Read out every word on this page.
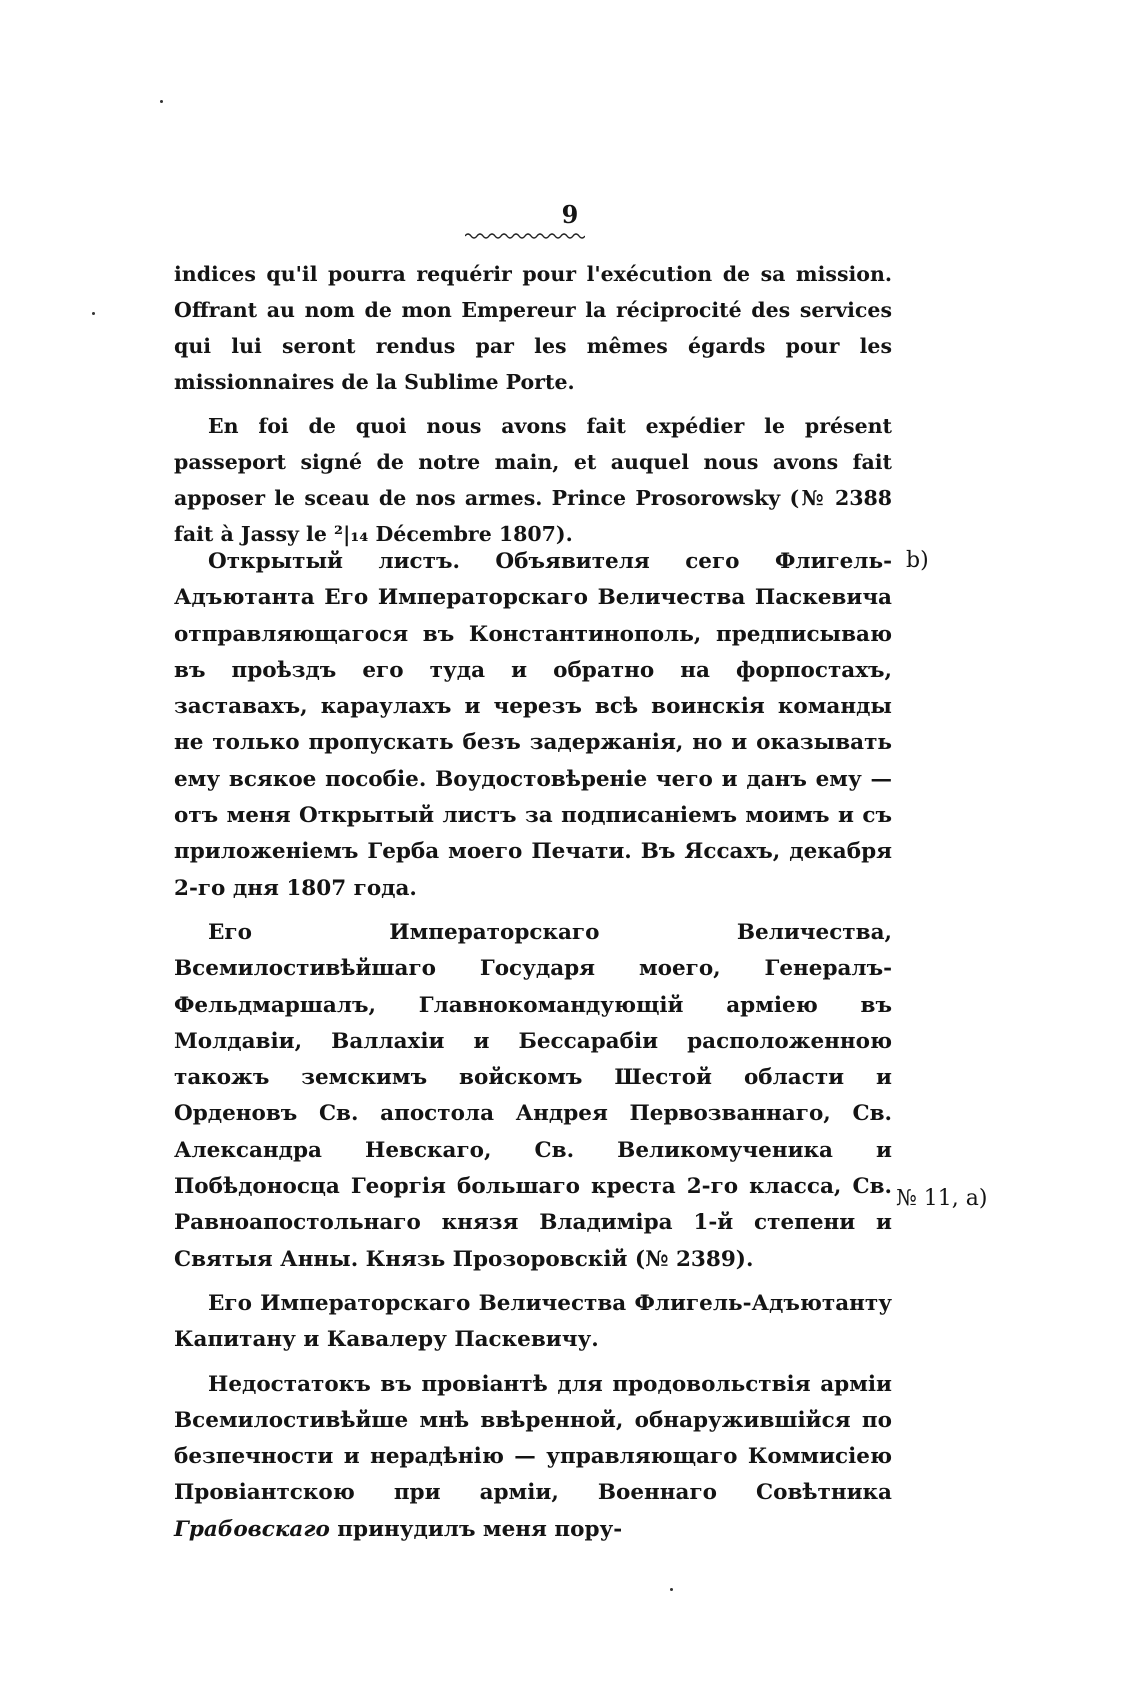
9

indices qu'il pourra requérir pour l'exécution de sa mission. Offrant au nom de mon Empereur la réciprocité des services qui lui seront rendus par les mêmes égards pour les missionnaires de la Sublime Porte.

En foi de quoi nous avons fait expédier le présent passeport signé de notre main, et auquel nous avons fait apposer le sceau de nos armes. Prince Prosorowsky (№ 2388 fait à Jassy le ²|₁₄ Décembre 1807).

b)

Открытый листъ. Объявителя сего Флигель-Адъютанта Его Императорскаго Величества Паскевича отправляющагося въ Константинополь, предписываю въ проѣздъ его туда и обратно на форпостахъ, заставахъ, караулахъ и черезъ всѣ воинскія команды не только пропускать безъ задержанія, но и оказывать ему всякое пособіе. Воудостовѣреніе чего и данъ ему — отъ меня Открытый листъ за подписаніемъ моимъ и съ приложеніемъ Герба моего Печати. Въ Яссахъ, декабря 2-го дня 1807 года.

Его Императорскаго Величества, Всемилостивѣйшаго Государя моего, Генералъ-Фельдмаршалъ, Главнокомандующій арміею въ Молдавіи, Валлахіи и Бессарабіи расположенною такожъ земскимъ войскомъ Шестой области и Орденовъ Св. апостола Андрея Первозваннаго, Св. Александра Невскаго, Св. Великомученика и Побѣдоносца Георгія большаго креста 2-го класса, Св. Равноапостольнаго князя Владиміра 1-й степени и Святыя Анны. Князь Прозоровскій (№ 2389).

Его Императорскаго Величества Флигель-Адъютанту Капитану и Кавалеру Паскевичу.

Недостатокъ въ провіантѣ для продовольствія арміи Всемилостивѣйше мнѣ ввѣренной, обнаружившійся по безпечности и нерадѣнію — управляющаго Коммисіею Провіантскою при арміи, Военнаго Совѣтника Грабовскаго принудилъ меня пору-

№ 11, a)
